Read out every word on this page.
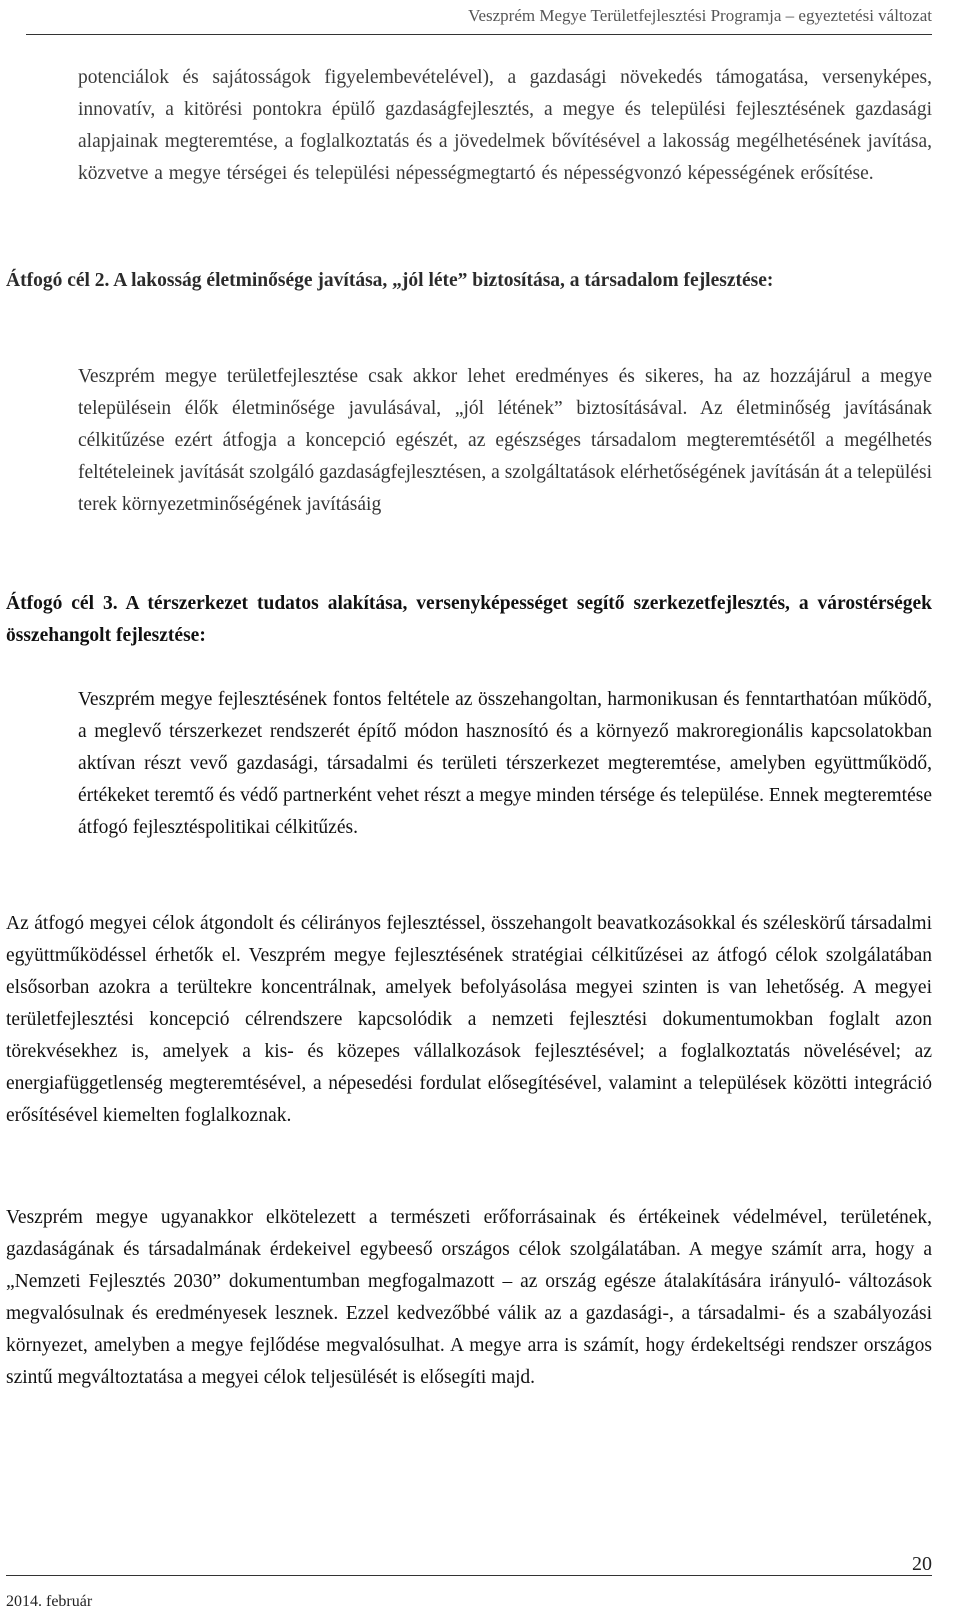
Veszprém Megye Területfejlesztési Programja – egyeztetési változat

potenciálok és sajátosságok figyelembevételével), a gazdasági növekedés támogatása, versenyképes, innovatív, a kitörési pontokra épülő gazdaságfejlesztés, a megye és települési fejlesztésének gazdasági alapjainak megteremtése, a foglalkoztatás és a jövedelmek bővítésével a lakosság megélhetésének javítása, közvetve a megye térségei és települési népességmegtartó és népességvonzó képességének erősítése.

Átfogó cél 2. A lakosság életminősége javítása, „jól léte” biztosítása, a társadalom fejlesztése:

Veszprém megye területfejlesztése csak akkor lehet eredményes és sikeres, ha az hozzájárul a megye településein élők életminősége javulásával, „jól létének” biztosításával. Az életminőség javításának célkitűzése ezért átfogja a koncepció egészét, az egészséges társadalom megteremtésétől a megélhetés feltételeinek javítását szolgáló gazdaságfejlesztésen, a szolgáltatások elérhetőségének javításán át a települési terek környezetminőségének javításáig

Átfogó cél 3. A térszerkezet tudatos alakítása, versenyképességet segítő szerkezetfejlesztés, a várostérségek összehangolt fejlesztése:

Veszprém megye fejlesztésének fontos feltétele az összehangoltan, harmonikusan és fenntarthatóan működő, a meglevő térszerkezet rendszerét építő módon hasznosító és a környező makroregionális kapcsolatokban aktívan részt vevő gazdasági, társadalmi és területi térszerkezet megteremtése, amelyben együttműködő, értékeket teremtő és védő partnerként vehet részt a megye minden térsége és települése. Ennek megteremtése átfogó fejlesztéspolitikai célkitűzés.

Az átfogó megyei célok átgondolt és célirányos fejlesztéssel, összehangolt beavatkozásokkal és széleskörű társadalmi együttműködéssel érhetők el. Veszprém megye fejlesztésének stratégiai célkitűzései az átfogó célok szolgálatában elsősorban azokra a terültekre koncentrálnak, amelyek befolyásolása megyei szinten is van lehetőség. A megyei területfejlesztési koncepció célrendszere kapcsolódik a nemzeti fejlesztési dokumentumokban foglalt azon törekvésekhez is, amelyek a kis- és közepes vállalkozások fejlesztésével; a foglalkoztatás növelésével; az energiafüggetlenség megteremtésével, a népesedési fordulat elősegítésével, valamint a települések közötti integráció erősítésével kiemelten foglalkoznak.

Veszprém megye ugyanakkor elkötelezett a természeti erőforrásainak és értékeinek védelmével, területének, gazdaságának és társadalmának érdekeivel egybeeső országos célok szolgálatában. A megye számít arra, hogy a „Nemzeti Fejlesztés 2030” dokumentumban megfogalmazott – az ország egésze átalakítására irányuló- változások megvalósulnak és eredményesek lesznek. Ezzel kedvezőbbé válik az a gazdasági-, a társadalmi- és a szabályozási környezet, amelyben a megye fejlődése megvalósulhat. A megye arra is számít, hogy érdekeltségi rendszer országos szintű megváltoztatása a megyei célok teljesülését is elősegíti majd.

20
2014. február
